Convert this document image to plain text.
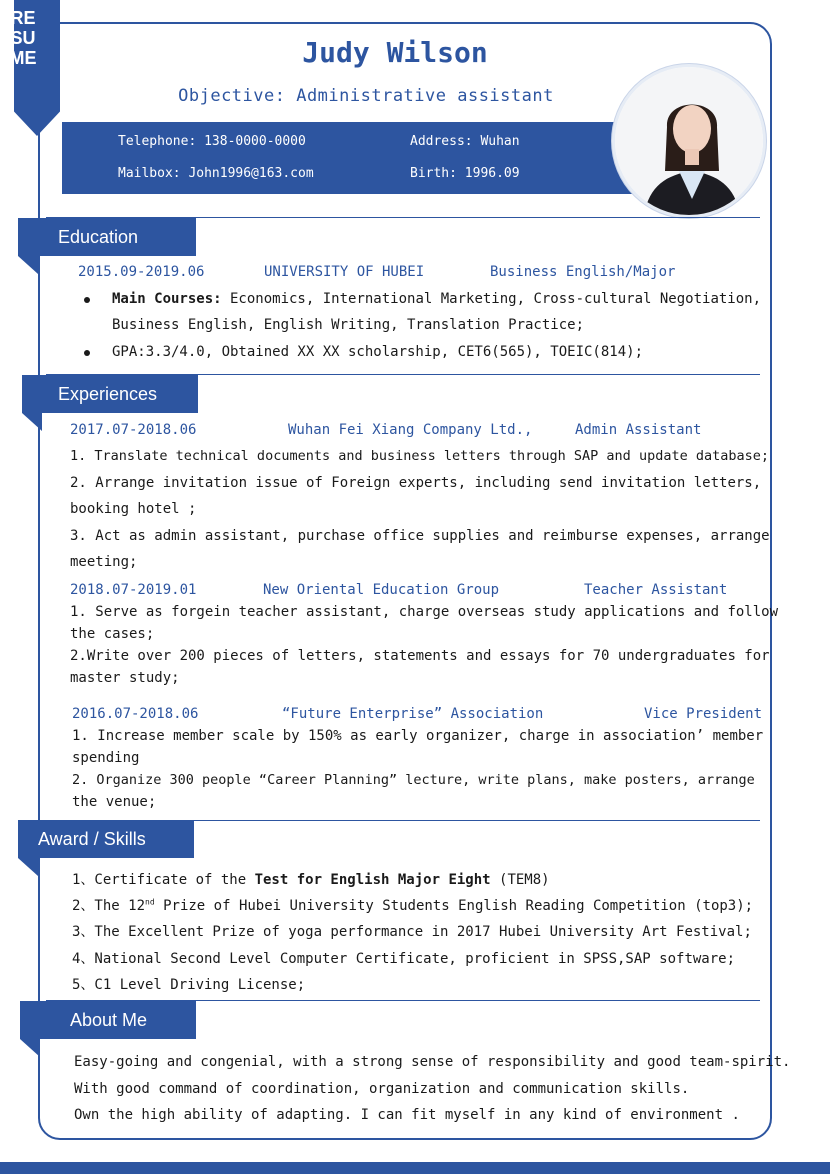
RESUME	Judy Wilson
Objective: Administrative assistant
Telephone: 138-0000-0000	Address: Wuhan
Mailbox: John1996@163.com	Birth: 1996.09
Education
2015.09-2019.06	UNIVERSITY OF HUBEI	Business English/Major
Main Courses: Economics, International Marketing, Cross-cultural Negotiation,
Business English, English Writing, Translation Practice;
GPA:3.3/4.0, Obtained XX XX scholarship, CET6(565), TOEIC(814);
Experiences
2017.07-2018.06	Wuhan Fei Xiang Company Ltd.,	Admin Assistant
1. Translate technical documents and business letters through SAP and update database;
2. Arrange invitation issue of Foreign experts, including send invitation letters,
booking hotel ;
3. Act as admin assistant, purchase office supplies and reimburse expenses, arrange
meeting;
2018.07-2019.01	New Oriental Education Group	Teacher Assistant
1. Serve as forgein teacher assistant, charge overseas study applications and follow
the cases;
2.Write over 200 pieces of letters, statements and essays for 70 undergraduates for
master study;
2016.07-2018.06	“Future Enterprise” Association	Vice President
1. Increase member scale by 150% as early organizer, charge in association’ member
spending
2. Organize 300 people “Career Planning” lecture, write plans, make posters, arrange
the venue;
Award / Skills
1、Certificate of the Test for English Major Eight (TEM8)
2、The 12nd Prize of Hubei University Students English Reading Competition (top3);
3、The Excellent Prize of yoga performance in 2017 Hubei University Art Festival;
4、National Second Level Computer Certificate, proficient in SPSS,SAP software;
5、C1 Level Driving License;
About Me
Easy-going and congenial, with a strong sense of responsibility and good team-spirit.
With good command of coordination, organization and communication skills.
Own the high ability of adapting. I can fit myself in any kind of environment .
